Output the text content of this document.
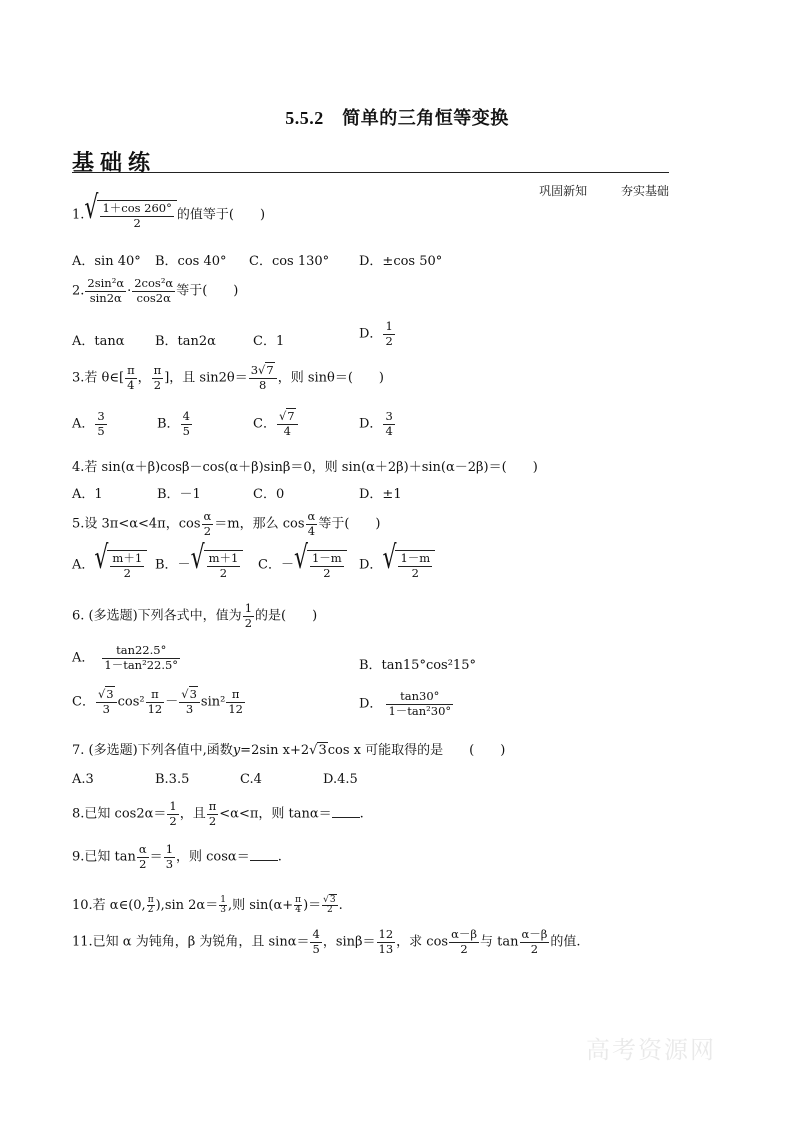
5.5.2　简单的三角恒等变换
基础练
巩固新知	夯实基础
1. √ $\frac{1+\cos 260^\circ}{2}$ 的值等于(　　)
A．sin 40° B．cos 40° C．cos 130° D．±cos 50°
2. $\frac{\text{2sin²α}}{\sin 2\alpha} \cdot \frac{\text{2cos²α}}{\cos 2\alpha}$ 等于(　　)
A．tanα B．tan2α	C．1	D． $\frac{1}{2}$
3.若 θ∈[ $\frac{\pi}{4}$ ， $\frac{\pi}{2}$ ]，且 $\sin 2\theta= \frac{3√7}{8}$ ，则 sinθ＝(　　)
A． $\frac{3}{5}$	B． $\frac{4}{5}$	C． $\frac{√7}{4}$	D． $\frac{3}{4}$
4.若 sin(α＋β)cosβ－cos(α＋β)sinβ＝0，则 sin(α＋2β)＋sin(α－2β)＝(　　)
A．1	B．－1	C．0	D．±1
5.设 3π<α<4π，$\cos \frac{\alpha}{2} =m$，那么 $\cos \frac{\alpha}{4}$ 等于(　　)
A． √ $\frac{m+1}{2}$ B．－ √ $\frac{m+1}{2}$ C．－ √ $\frac{1-m}{2}$ D． √ $\frac{1-m}{2}$
6. (多选题)下列各式中，值为 $\frac{1}{2}$ 的是(　　)
A． $\frac{\tan 22.5^\circ}{\text{1－tan²22.5°}}$	B．tan15°cos²15°
C． $\frac{√3}{3} \cos^2 \frac{\pi}{12} - \frac{√3}{3} \sin^2 \frac{\pi}{12}$	D． $\frac{\tan 30^\circ}{\text{1－tan²30°}}$
7. (多选题)下列各值中,函数y=2sin x+2√3cos x 可能取得的是　　(　　)
A.3	B.3.5	C.4	D.4.5
8.已知 $\cos 2\alpha= \frac{1}{2}$ ，且 $\frac{\pi}{2} <\alpha<\pi$，则 tanα＝ .
9.已知 $\tan \frac{\alpha}{2} = \frac{1}{3}$ ，则 cosα＝ .
10.若 α∈(0, $\frac{\pi}{2} ),\sin$ $2\alpha= \frac{1}{3}$ ,则 $\sin(\alpha+ \frac{\pi}{4}$ )＝ $\frac{√3}{2}$ .
11.已知 α 为钝角，β 为锐角，且 $\sin\alpha= \frac{4}{5}$ ，$\sin\beta= \frac{12}{13}$ ，求 $\cos \frac{\alpha-\beta}{2}$ 与 $\tan \frac{\alpha-\beta}{2}$ 的值.
高考资源网
